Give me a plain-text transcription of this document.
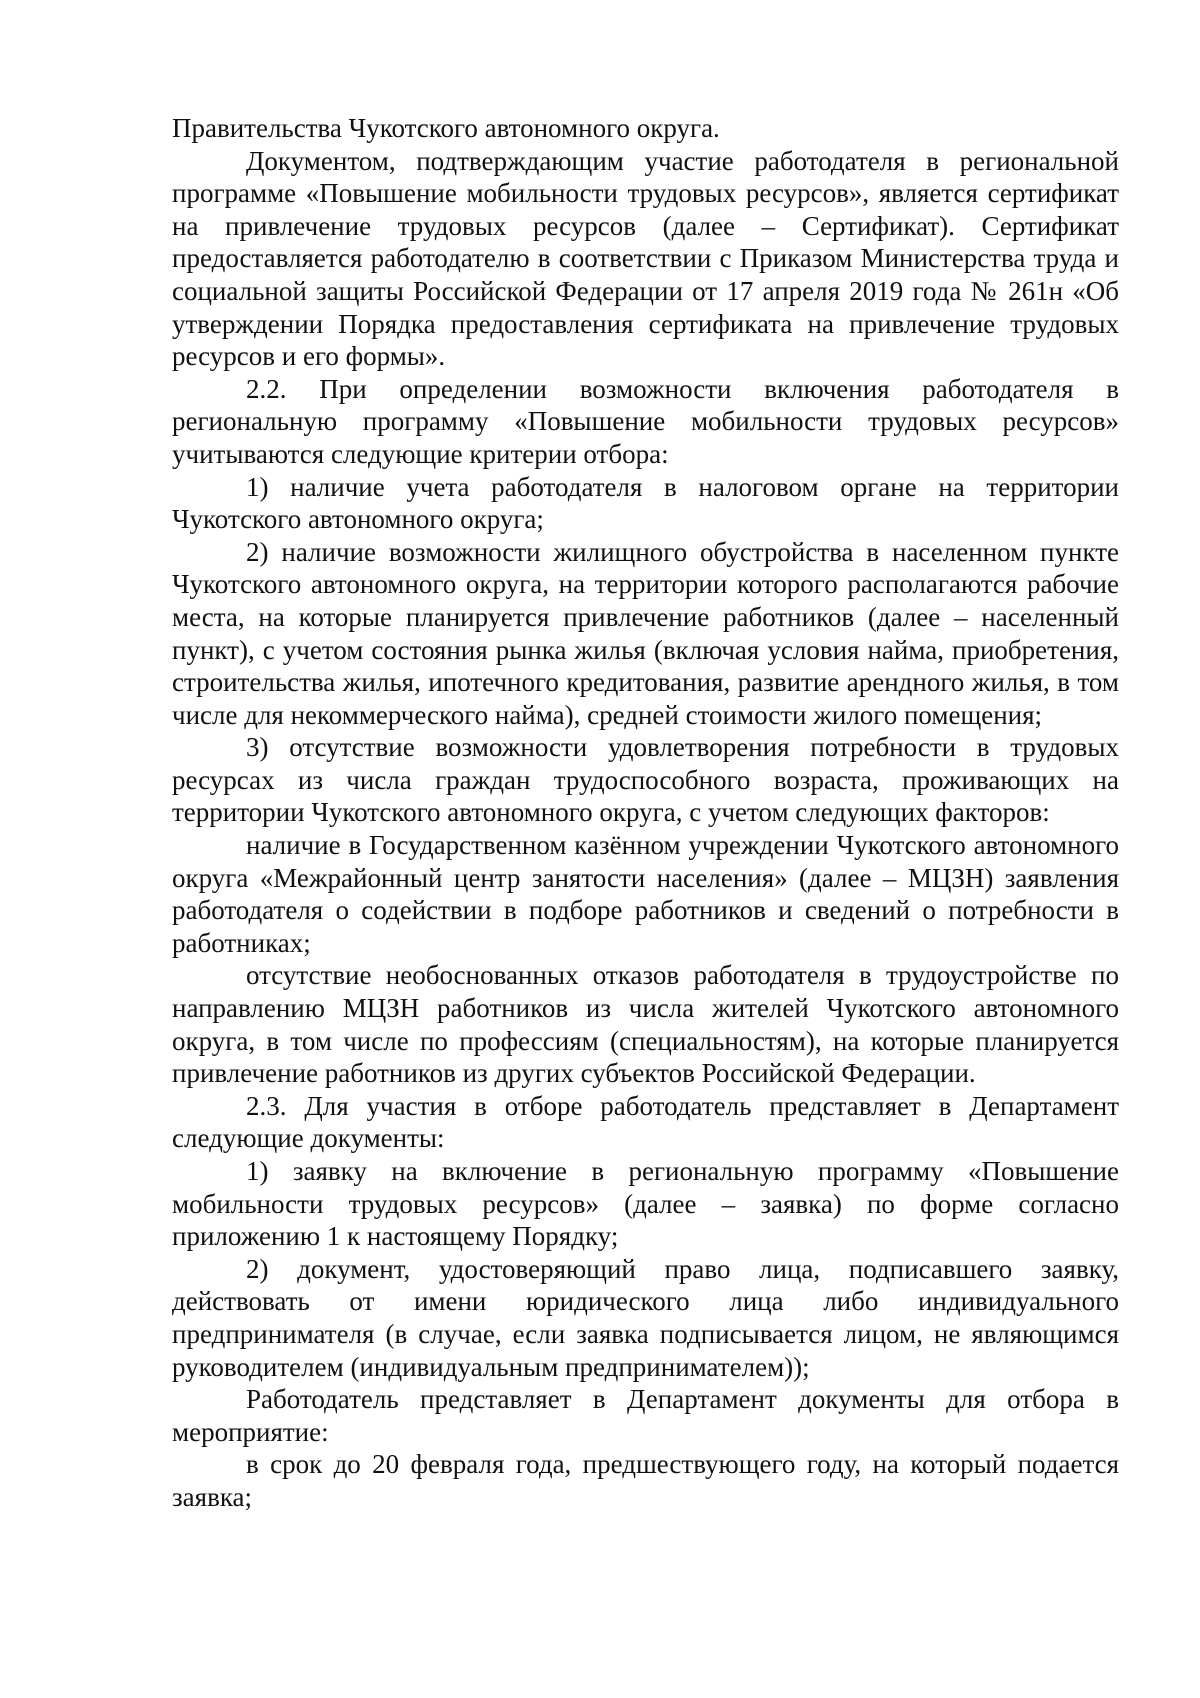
Правительства Чукотского автономного округа.

Документом, подтверждающим участие работодателя в региональной программе «Повышение мобильности трудовых ресурсов», является сертификат на привлечение трудовых ресурсов (далее – Сертификат). Сертификат предоставляется работодателю в соответствии с Приказом Министерства труда и социальной защиты Российской Федерации от 17 апреля 2019 года № 261н «Об утверждении Порядка предоставления сертификата на привлечение трудовых ресурсов и его формы».

2.2. При определении возможности включения работодателя в региональную программу «Повышение мобильности трудовых ресурсов» учитываются следующие критерии отбора:

1) наличие учета работодателя в налоговом органе на территории Чукотского автономного округа;

2) наличие возможности жилищного обустройства в населенном пункте Чукотского автономного округа, на территории которого располагаются рабочие места, на которые планируется привлечение работников (далее – населенный пункт), с учетом состояния рынка жилья (включая условия найма, приобретения, строительства жилья, ипотечного кредитования, развитие арендного жилья, в том числе для некоммерческого найма), средней стоимости жилого помещения;

3) отсутствие возможности удовлетворения потребности в трудовых ресурсах из числа граждан трудоспособного возраста, проживающих на территории Чукотского автономного округа, с учетом следующих факторов:

наличие в Государственном казённом учреждении Чукотского автономного округа «Межрайонный центр занятости населения» (далее – МЦЗН) заявления работодателя о содействии в подборе работников и сведений о потребности в работниках;

отсутствие необоснованных отказов работодателя в трудоустройстве по направлению МЦЗН работников из числа жителей Чукотского автономного округа, в том числе по профессиям (специальностям), на которые планируется привлечение работников из других субъектов Российской Федерации.

2.3. Для участия в отборе работодатель представляет в Департамент следующие документы:

1) заявку на включение в региональную программу «Повышение мобильности трудовых ресурсов» (далее – заявка) по форме согласно приложению 1 к настоящему Порядку;

2) документ, удостоверяющий право лица, подписавшего заявку, действовать от имени юридического лица либо индивидуального предпринимателя (в случае, если заявка подписывается лицом, не являющимся руководителем (индивидуальным предпринимателем));

Работодатель представляет в Департамент документы для отбора в мероприятие:

в срок до 20 февраля года, предшествующего году, на который подается заявка;
